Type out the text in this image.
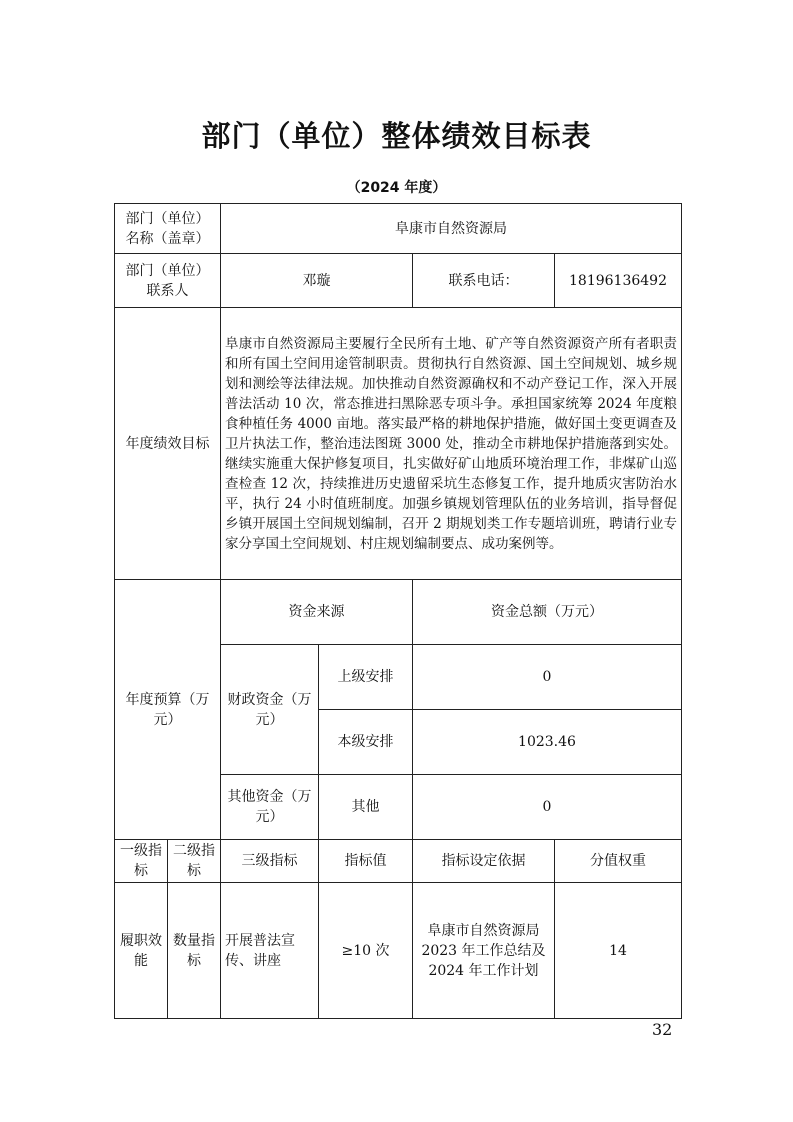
部门（单位）整体绩效目标表
（2024 年度）
部门（单位）名称（盖章）		阜康市自然资源局			
部门（单位）联系人		邓璇		联系电话：	18196136492
年度绩效目标		阜康市自然资源局主要履行全民所有土地、矿产等自然资源资产所有者职责和所有国土空间用途管制职责。贯彻执行自然资源、国土空间规划、城乡规划和测绘等法律法规。加快推动自然资源确权和不动产登记工作，深入开展普法活动 10 次，常态推进扫黑除恶专项斗争。承担国家统筹 2024 年度粮食种植任务 4000 亩地。落实最严格的耕地保护措施，做好国土变更调查及卫片执法工作，整治违法图斑 3000 处，推动全市耕地保护措施落到实处。继续实施重大保护修复项目，扎实做好矿山地质环境治理工作，非煤矿山巡查检查 12 次，持续推进历史遗留采坑生态修复工作，提升地质灾害防治水平，执行 24 小时值班制度。加强乡镇规划管理队伍的业务培训，指导督促乡镇开展国土空间规划编制，召开 2 期规划类工作专题培训班，聘请行业专家分享国土空间规划、村庄规划编制要点、成功案例等。			
年度预算（万元）		资金来源		资金总额（万元）	
		财政资金（万元）	上级安排	0	
			本级安排	1023.46	
		其他资金（万元）	其他	0	
一级指标	二级指标	三级指标	指标值	指标设定依据	分值权重
履职效能	数量指标	开展普法宣传、讲座	≥10 次	阜康市自然资源局 2023 年工作总结及 2024 年工作计划	14
32
